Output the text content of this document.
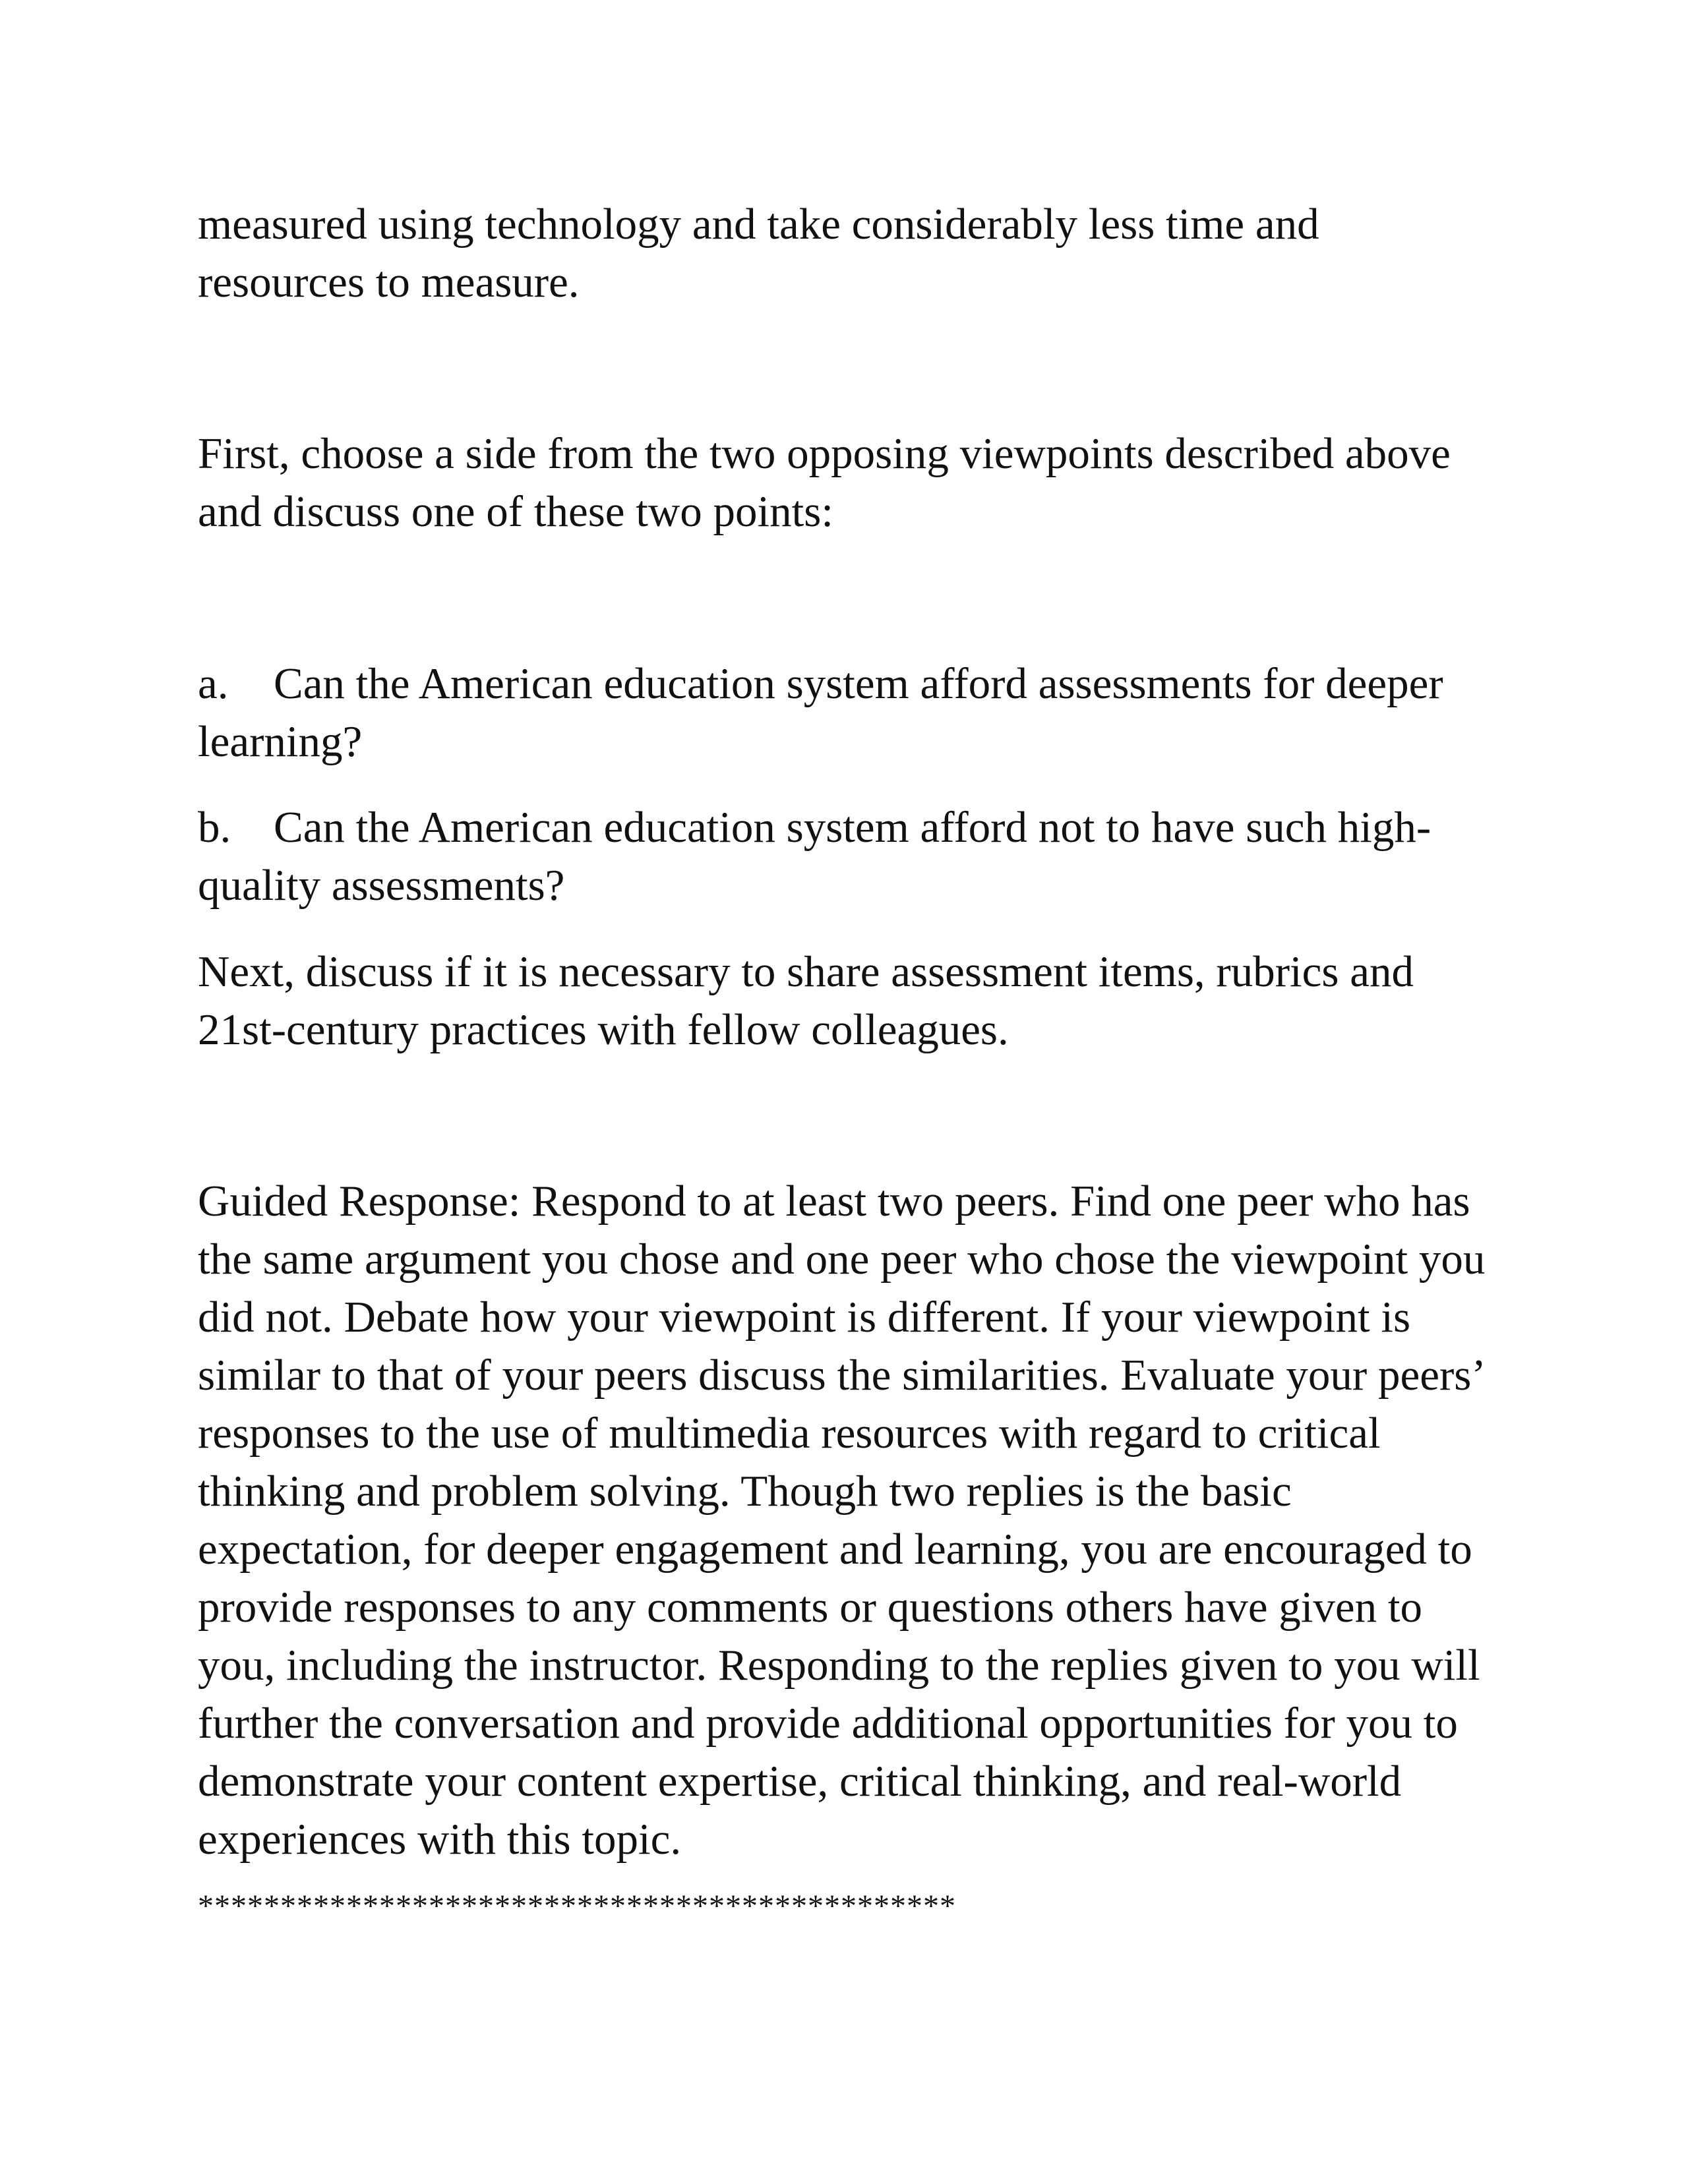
measured using technology and take considerably less time and
resources to measure.

First, choose a side from the two opposing viewpoints described above
and discuss one of these two points:

a. Can the American education system afford assessments for deeper
learning?

b. Can the American education system afford not to have such high-
quality assessments?

Next, discuss if it is necessary to share assessment items, rubrics and
21st-century practices with fellow colleagues.

Guided Response: Respond to at least two peers. Find one peer who has
the same argument you chose and one peer who chose the viewpoint you
did not. Debate how your viewpoint is different. If your viewpoint is
similar to that of your peers discuss the similarities. Evaluate your peers’
responses to the use of multimedia resources with regard to critical
thinking and problem solving. Though two replies is the basic
expectation, for deeper engagement and learning, you are encouraged to
provide responses to any comments or questions others have given to
you, including the instructor. Responding to the replies given to you will
further the conversation and provide additional opportunities for you to
demonstrate your content expertise, critical thinking, and real-world
experiences with this topic.

**********************************************
